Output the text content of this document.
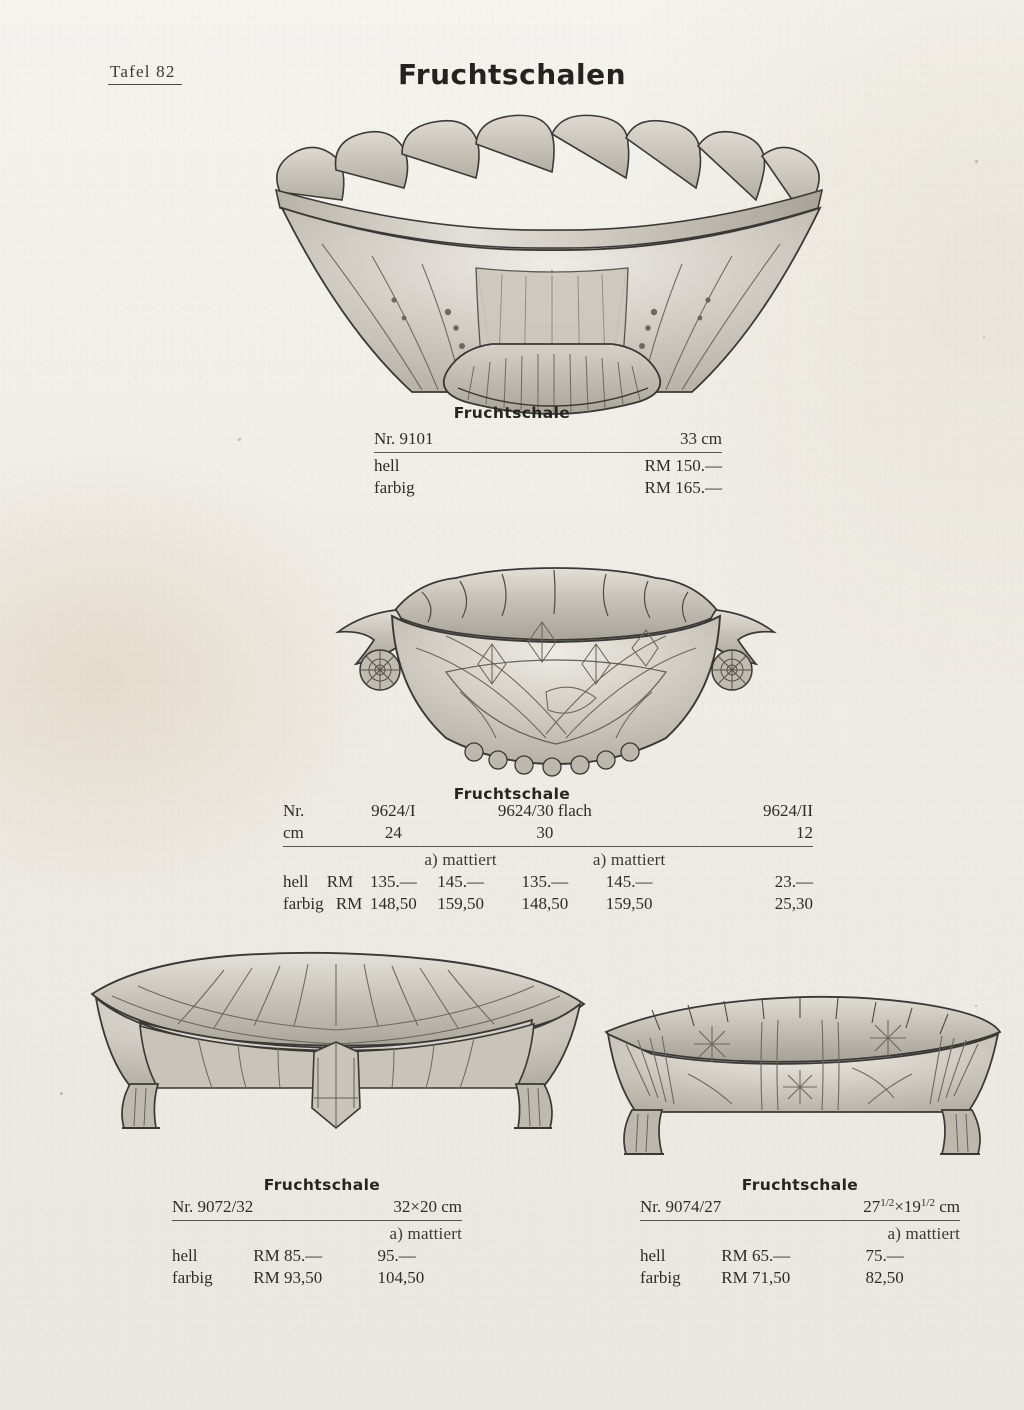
Tafel 82	Fruchtschalen
Fruchtschale
Nr. 9101	33 cm
hell	RM 150.—
farbig	RM 165.—
Fruchtschale
Nr.	9624/I		9624/30 flach		9624/II
cm	24		30		12
		a) mattiert		a) mattiert	
hell RM	135.—	145.—	135.—	145.—	23.—
farbig RM	148,50	159,50	148,50	159,50	25,30
Fruchtschale
Nr. 9072/32	32×20 cm
	a) mattiert
hell	RM 85.— 95.—
farbig	RM 93,50 104,50
Fruchtschale
Nr. 9074/27	$27^{1/2}\times 19^{1/2}$ cm
	a) mattiert
hell	RM 65.— 75.—
farbig	RM 71,50 82,50
